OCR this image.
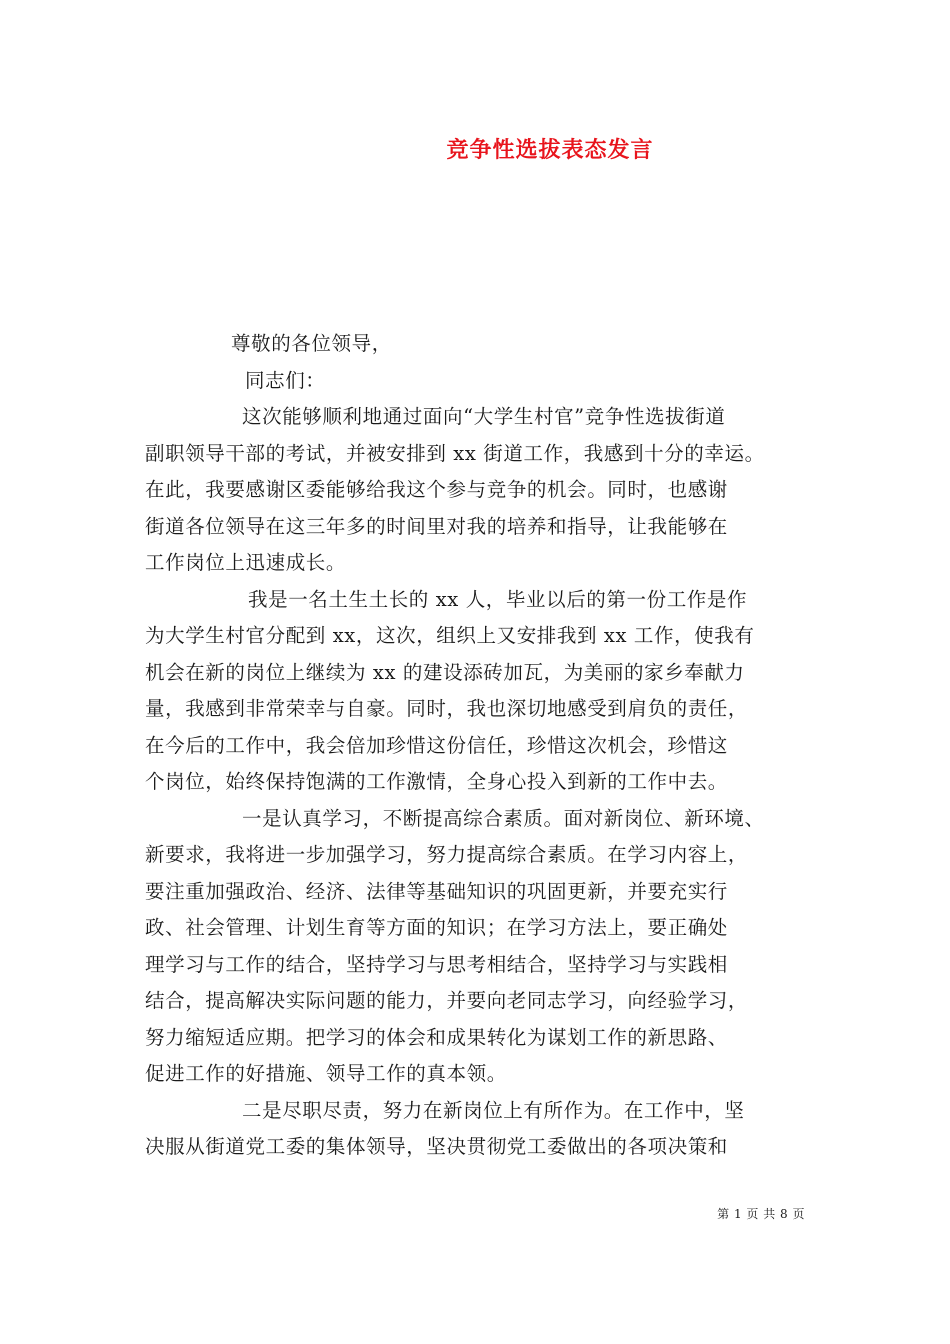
竞争性选拔表态发言
尊敬的各位领导，
同志们：
这次能够顺利地通过面向“大学生村官”竞争性选拔街道
副职领导干部的考试，并被安排到 xx 街道工作，我感到十分的幸运。
在此，我要感谢区委能够给我这个参与竞争的机会。同时，也感谢
街道各位领导在这三年多的时间里对我的培养和指导，让我能够在
工作岗位上迅速成长。
我是一名土生土长的 xx 人，毕业以后的第一份工作是作
为大学生村官分配到 xx，这次，组织上又安排我到 xx 工作，使我有
机会在新的岗位上继续为 xx 的建设添砖加瓦，为美丽的家乡奉献力
量，我感到非常荣幸与自豪。同时，我也深切地感受到肩负的责任，
在今后的工作中，我会倍加珍惜这份信任，珍惜这次机会，珍惜这
个岗位，始终保持饱满的工作激情，全身心投入到新的工作中去。
一是认真学习，不断提高综合素质。面对新岗位、新环境、
新要求，我将进一步加强学习，努力提高综合素质。在学习内容上，
要注重加强政治、经济、法律等基础知识的巩固更新，并要充实行
政、社会管理、计划生育等方面的知识；在学习方法上，要正确处
理学习与工作的结合，坚持学习与思考相结合，坚持学习与实践相
结合，提高解决实际问题的能力，并要向老同志学习，向经验学习，
努力缩短适应期。把学习的体会和成果转化为谋划工作的新思路、
促进工作的好措施、领导工作的真本领。
二是尽职尽责，努力在新岗位上有所作为。在工作中，坚
决服从街道党工委的集体领导，坚决贯彻党工委做出的各项决策和
第 1 页 共 8 页
